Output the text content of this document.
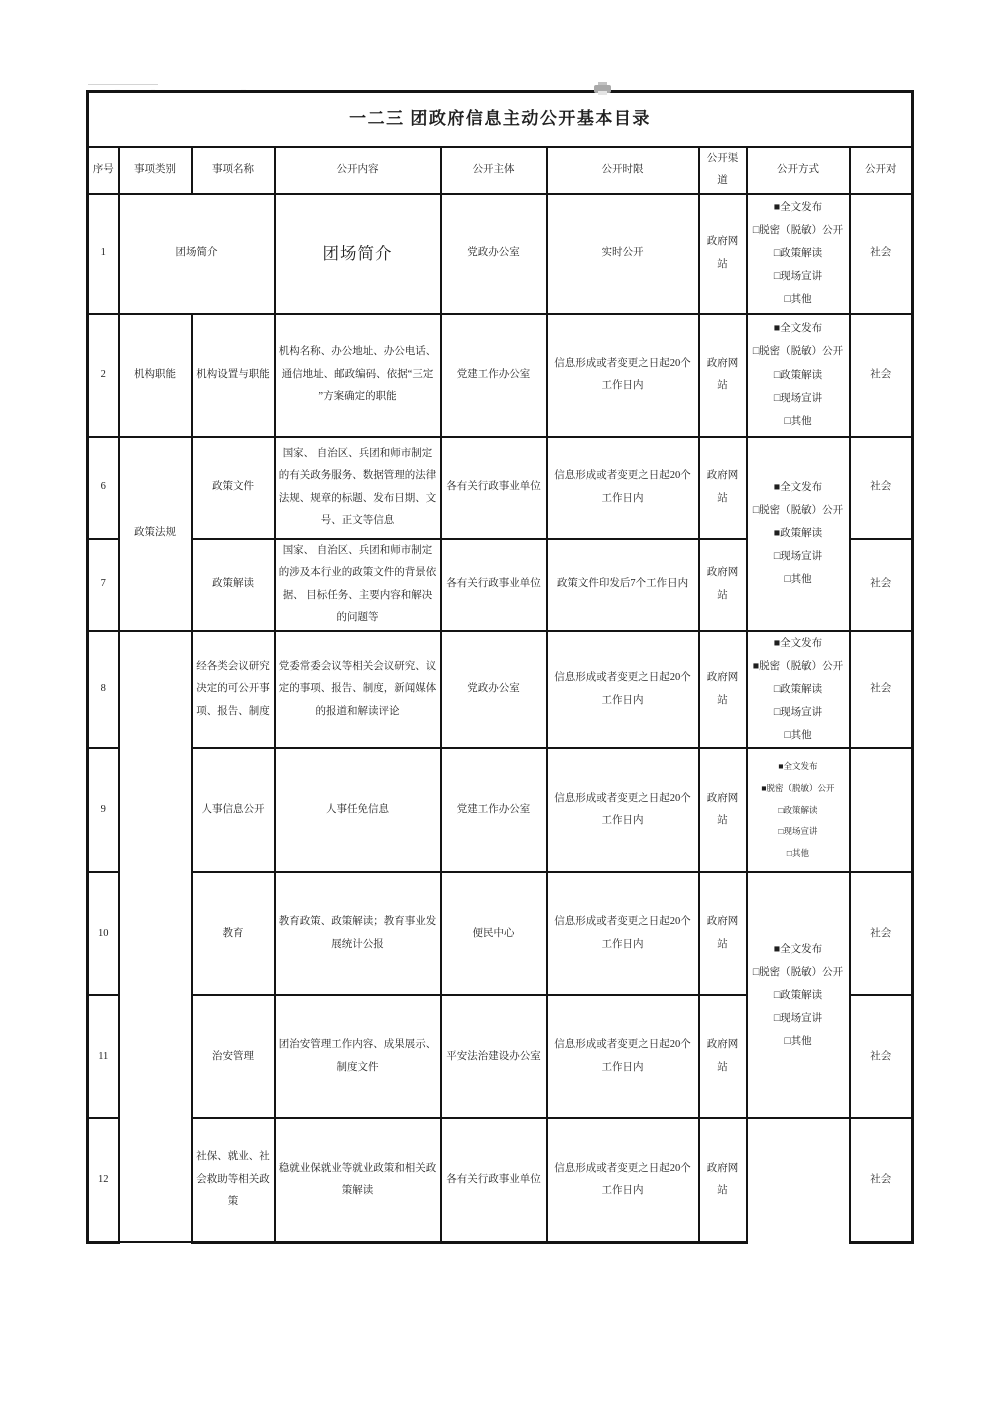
一二三 团政府信息主动公开基本目录								
序号	事项类别	事项名称	公开内容	公开主体	公开时限	公开渠道	公开方式	公开对
1	团场简介		团场简介	党政办公室	实时公开	政府网站	■全文发布
□脱密（脱敏）公开
□政策解读
□现场宣讲
□其他	社会
2	机构职能	机构设置与职能	机构名称、办公地址、办公电话、通信地址、邮政编码、依据“三定 ”方案确定的职能	党建工作办公室	信息形成或者变更之日起20个工作日内	政府网站	■全文发布
□脱密（脱敏）公开
□政策解读
□现场宣讲
□其他	社会
6	政策法规	政策文件	国家、 自治区、兵团和师市制定的有关政务服务、数据管理的法律法规、规章的标题、发布日期、文号、正文等信息	各有关行政事业单位	信息形成或者变更之日起20个工作日内	政府网站	■全文发布
□脱密（脱敏）公开
■政策解读
□现场宣讲
□其他	社会
7		政策解读	国家、 自治区、兵团和师市制定的涉及本行业的政策文件的背景依据、 目标任务、主要内容和解决的问题等	各有关行政事业单位	政策文件印发后7个工作日内	政府网站		社会
8		经各类会议研究决定的可公开事项、报告、制度	党委常委会议等相关会议研究、议定的事项、报告、制度，新闻媒体的报道和解读评论	党政办公室	信息形成或者变更之日起20个工作日内	政府网站	■全文发布
■脱密（脱敏）公开
□政策解读
□现场宣讲
□其他	社会
9		人事信息公开	人事任免信息	党建工作办公室	信息形成或者变更之日起20个工作日内	政府网站	■全文发布
■脱密（脱敏）公开
□政策解读
□现场宣讲
□其他	

10		教育	教育政策、政策解读；教育事业发展统计公报	便民中心	信息形成或者变更之日起20个工作日内	政府网站	■全文发布
□脱密（脱敏）公开
□政策解读
□现场宣讲
□其他	社会
11		治安管理	团治安管理工作内容、成果展示、制度文件	平安法治建设办公室	信息形成或者变更之日起20个工作日内	政府网站		社会
12		社保、就业、社会救助等相关政策	稳就业保就业等就业政策和相关政策解读	各有关行政事业单位	信息形成或者变更之日起20个工作日内	政府网站		社会
